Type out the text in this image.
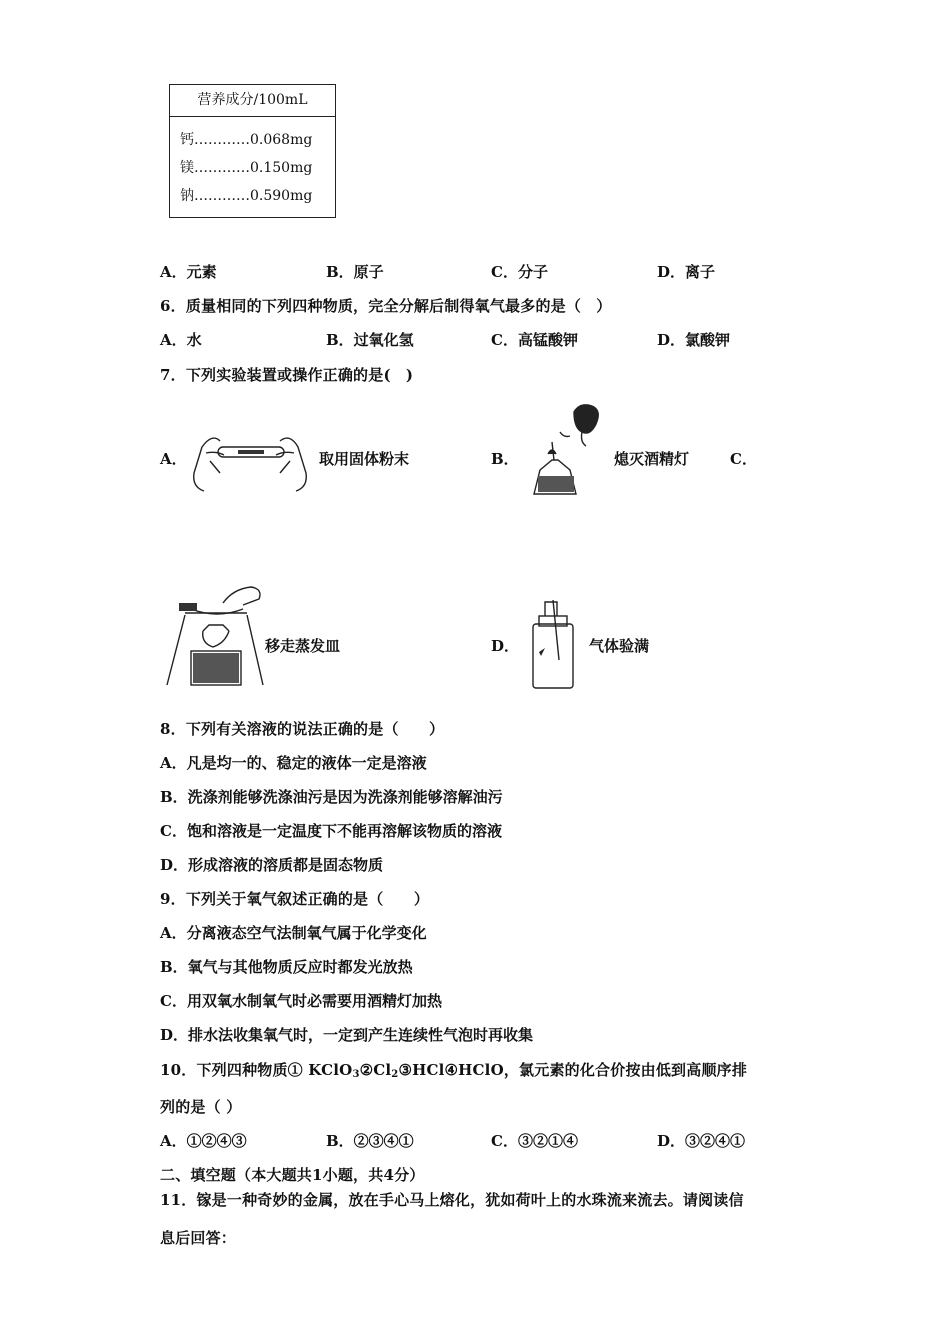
营养成分/100mL
钙…………0.068mg
镁…………0.150mg
钠…………0.590mg
A．元素	B．原子	C．分子	D．离子
6．质量相同的下列四种物质，完全分解后制得氧气最多的是（　）
A．水	B．过氧化氢	C．高锰酸钾	D．氯酸钾
7．下列实验装置或操作正确的是(　)
A．	取用固体粉末	B．	熄灭酒精灯	C．
移走蒸发皿	D．	气体验满
8．下列有关溶液的说法正确的是（　　）
A．凡是均一的、稳定的液体一定是溶液
B．洗涤剂能够洗涤油污是因为洗涤剂能够溶解油污
C．饱和溶液是一定温度下不能再溶解该物质的溶液
D．形成溶液的溶质都是固态物质
9．下列关于氧气叙述正确的是（　　）
A．分离液态空气法制氧气属于化学变化
B．氧气与其他物质反应时都发光放热
C．用双氧水制氧气时必需要用酒精灯加热
D．排水法收集氧气时，一定到产生连续性气泡时再收集
10．下列四种物质① $KClO_3②Cl_2③HCl④HClO$，氯元素的化合价按由低到高顺序排
列的是（ ）
A．①②④③	B．②③④①	C．③②①④	D．③②④①
二、填空题（本大题共1小题，共4分）
11．镓是一种奇妙的金属，放在手心马上熔化，犹如荷叶上的水珠流来流去。请阅读信
息后回答：
